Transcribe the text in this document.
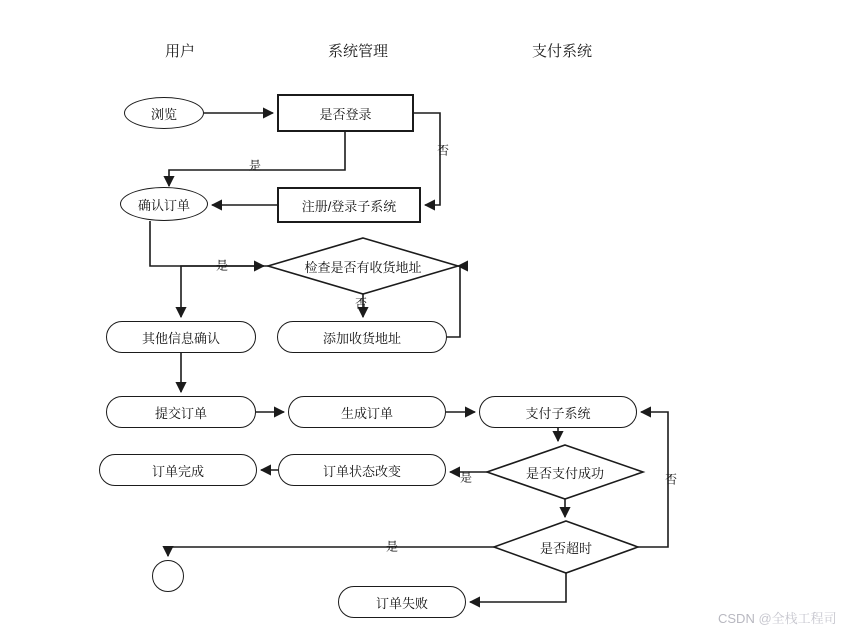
用户	系统管理	支付系统
浏览	是否登录
确认订单	注册/登录子系统
检查是否有收货地址
其他信息确认	添加收货地址
提交订单	生成订单	支付子系统
订单完成	订单状态改变	是否支付成功
是否超时
订单失败
否
是
是
否
是	否
是
CSDN @全栈工程司
